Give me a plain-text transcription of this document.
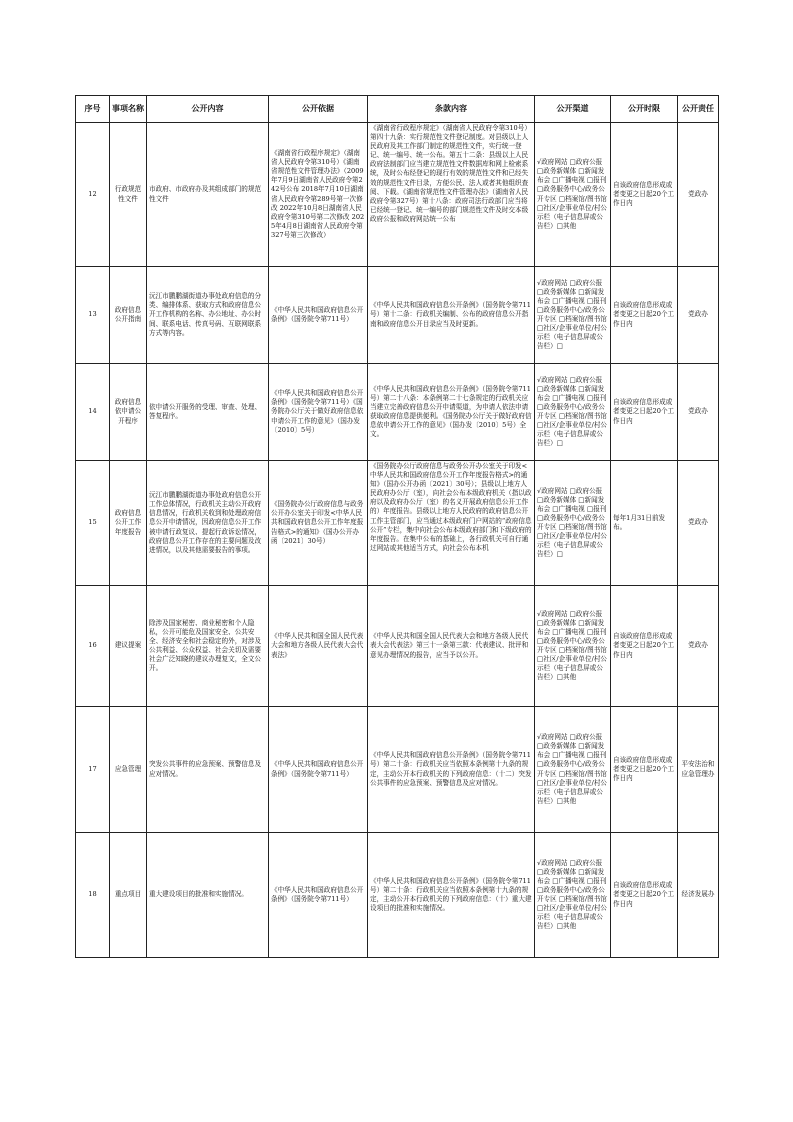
序号	事项名称	公开内容	公开依据	条款内容	公开渠道	公开时限	公开责任
12	行政规范性文件	市政府、市政府办及其组成部门的规范性文件	《湖南省行政程序规定》（湖南省人民政府令第310号）《湖南省规范性文件管理办法》（2009年7月9日湖南省人民政府令第242号公布 2018年7月10日湖南省人民政府令第289号第一次修改 2022年10月8日湖南省人民政府令第310号第二次修改 2025年4月8日湖南省人民政府令第327号第三次修改）	《湖南省行政程序规定》（湖南省人民政府令第310号）第四十九条：实行规范性文件登记制度。对县级以上人民政府及其工作部门制定的规范性文件，实行统一登记、统一编号、统一公布。第五十二条：县级以上人民政府法制部门应当建立规范性文件数据库和网上检索系统，及时公布经登记的现行有效的规范性文件和已经失效的规范性文件目录，方便公民、法人或者其他组织查阅、下载。《湖南省规范性文件管理办法》（湖南省人民政府令第327号）第十八条：政府司法行政部门应当将已经统一登记、统一编号的部门规范性文件及时交本级政府公报和政府网站统一公布	√政府网站 □政府公报 □政务新媒体 □新闻发布会 □广播电视 □报刊 □政务服务中心/政务公开专区 □档案馆/图书馆 □社区/企事业单位/村公示栏（电子信息屏或公告栏）□其他	自该政府信息形成或者变更之日起20个工作日内	党政办
13	政府信息公开指南	沅江市鹏鹏湖街道办事处政府信息的分类、编排体系、获取方式和政府信息公开工作机构的名称、办公地址、办公时间、联系电话、传真号码、互联网联系方式等内容。	《中华人民共和国政府信息公开条例》（国务院令第711号）	《中华人民共和国政府信息公开条例》（国务院令第711号）第十二条：行政机关编制、公布的政府信息公开指南和政府信息公开目录应当及时更新。	√政府网站 □政府公报 □政务新媒体 □新闻发布会 □广播电视 □报刊 □政务服务中心/政务公开专区 □档案馆/图书馆 □社区/企事业单位/村公示栏（电子信息屏或公告栏）□	自该政府信息形成或者变更之日起20个工作日内	党政办
14	政府信息依申请公开程序	依申请公开服务的受理、审查、处理、答复程序。	《中华人民共和国政府信息公开条例》（国务院令第711号）《国务院办公厅关于做好政府信息依申请公开工作的意见》（国办发〔2010〕5号）	《中华人民共和国政府信息公开条例》（国务院令第711号）第二十八条：本条例第二十七条规定的行政机关应当建立完善政府信息公开申请渠道，为申请人依法申请获取政府信息提供便利。《国务院办公厅关于做好政府信息依申请公开工作的意见》（国办发〔2010〕5号）全文。	√政府网站 □政府公报 □政务新媒体 □新闻发布会 □广播电视 □报刊 □政务服务中心/政务公开专区 □档案馆/图书馆 □社区/企事业单位/村公示栏（电子信息屏或公告栏）□	自该政府信息形成或者变更之日起20个工作日内	党政办
15	政府信息公开工作年度报告	沅江市鹏鹏湖街道办事处政府信息公开工作总体情况，行政机关主动公开政府信息情况，行政机关收到和处理政府信息公开申请情况，因政府信息公开工作被申请行政复议、提起行政诉讼情况，政府信息公开工作存在的主要问题及改进情况，以及其他需要报告的事项。	《国务院办公厅政府信息与政务公开办公室关于印发<中华人民共和国政府信息公开工作年度报告格式>的通知》（国办公开办函〔2021〕30号）	《国务院办公厅政府信息与政务公开办公室关于印发<中华人民共和国政府信息公开工作年度报告格式>的通知》（国办公开办函〔2021〕30号）；县级以上地方人民政府办公厅（室），向社会公布本级政府机关（指以政府以及政府办公厅（室）的名义开展政府信息公开工作的）年度报告。县级以上地方人民政府的政府信息公开工作主管部门，应当通过本级政府门户网站的“政府信息公开”专栏，集中向社会公布本级政府部门和下级政府的年度报告。在集中公布的基础上，各行政机关可自行通过网站或其他适当方式，向社会公布本机	√政府网站 □政府公报 □政务新媒体 □新闻发布会 □广播电视 □报刊 □政务服务中心/政务公开专区 □档案馆/图书馆 □社区/企事业单位/村公示栏（电子信息屏或公告栏）□	每年1月31日前发布。	党政办
16	建议提案	除涉及国家秘密、商业秘密和个人隐私，公开可能危及国家安全、公共安全、经济安全和社会稳定的外，对涉及公共利益、公众权益、社会关切及需要社会广泛知晓的建议办理复文，全文公开。	《中华人民共和国全国人民代表大会和地方各级人民代表大会代表法》	《中华人民共和国全国人民代表大会和地方各级人民代表大会代表法》第三十一条第三款：代表建议、批评和意见办理情况的报告，应当予以公开。	√政府网站 □政府公报 □政务新媒体 □新闻发布会 □广播电视 □报刊 □政务服务中心/政务公开专区 □档案馆/图书馆 □社区/企事业单位/村公示栏（电子信息屏或公告栏）□其他	自该政府信息形成或者变更之日起20个工作日内	党政办
17	应急管理	突发公共事件的应急预案、预警信息及应对情况。	《中华人民共和国政府信息公开条例》（国务院令第711号）	《中华人民共和国政府信息公开条例》（国务院令第711号）第二十条：行政机关应当依照本条例第十九条的规定，主动公开本行政机关的下列政府信息：（十二）突发公共事件的应急预案、预警信息及应对情况。	√政府网站 □政府公报 □政务新媒体 □新闻发布会 □广播电视 □报刊 □政务服务中心/政务公开专区 □档案馆/图书馆 □社区/企事业单位/村公示栏（电子信息屏或公告栏）□其他	自该政府信息形成或者变更之日起20个工作日内	平安法治和应急管理办
18	重点项目	重大建设项目的批准和实施情况。	《中华人民共和国政府信息公开条例》（国务院令第711号）	《中华人民共和国政府信息公开条例》（国务院令第711号）第二十条：行政机关应当依照本条例第十九条的规定，主动公开本行政机关的下列政府信息：（十）重大建设项目的批准和实施情况。	√政府网站 □政府公报 □政务新媒体 □新闻发布会 □广播电视 □报刊 □政务服务中心/政务公开专区 □档案馆/图书馆 □社区/企事业单位/村公示栏（电子信息屏或公告栏）□其他	自该政府信息形成或者变更之日起20个工作日内	经济发展办
